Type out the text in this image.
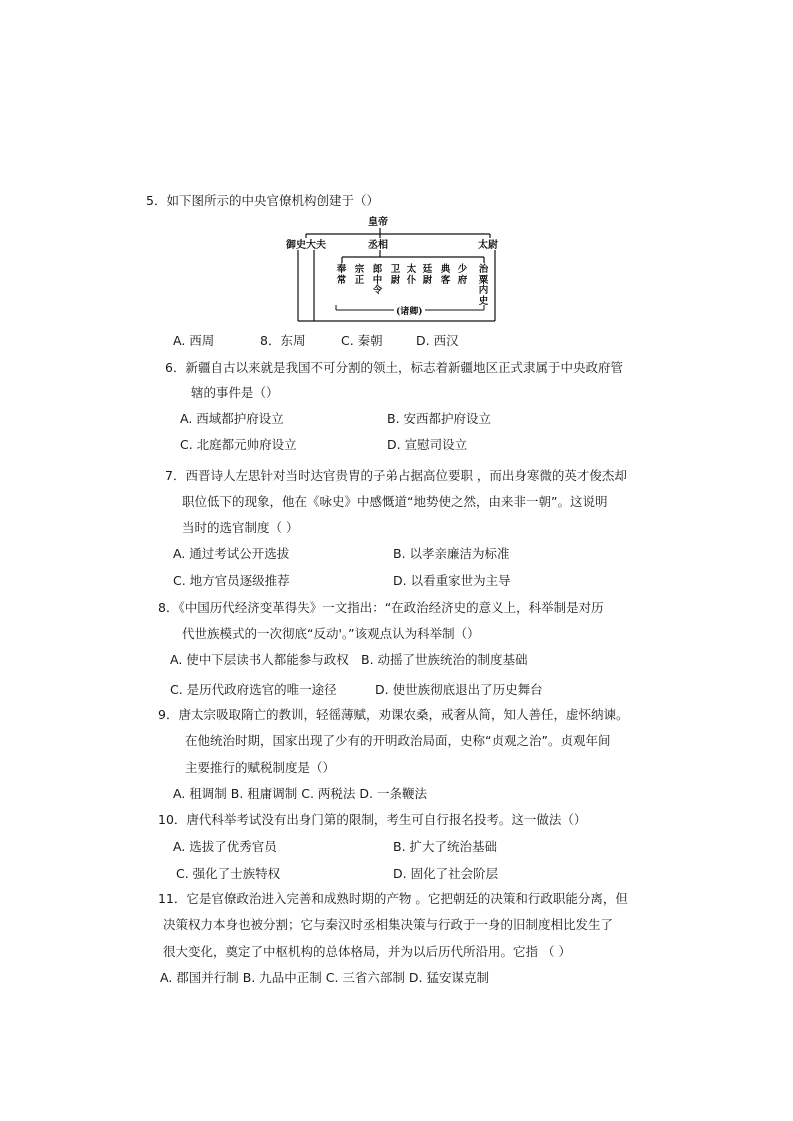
5．如下图所示的中央官僚机构创建于（）
皇帝
御史大夫	丞相	太尉
奉常
宗正
郎中令
卫尉
太仆
廷尉
典客
少府
治粟内史
(诸卿)
A. 西周	8．东周	C. 秦朝	D. 西汉
6．新疆自古以来就是我国不可分割的领土，标志着新疆地区正式隶属于中央政府管
辖的事件是（）
A. 西域都护府设立	B. 安西都护府设立
C. 北庭都元帅府设立	D. 宣慰司设立
7．西晋诗人左思针对当时达官贵胄的子弟占据高位要职 ，而出身寒微的英才俊杰却
职位低下的现象，他在《咏史》中感慨道“地势使之然，由来非一朝”。这说明
当时的选官制度（ ）
A. 通过考试公开选拔	B. 以孝亲廉洁为标准
C. 地方官员逐级推荐	D. 以看重家世为主导
8．《中国历代经济变革得失》一文指出：“在政治经济史的意义上，科举制是对历
代世族模式的一次彻底“反动'。”该观点认为科举制（）
A. 使中下层读书人都能参与政权 B. 动摇了世族统治的制度基础
C. 是历代政府选官的唯一途径	D. 使世族彻底退出了历史舞台
9．唐太宗吸取隋亡的教训，轻徭薄赋，劝课农桑，戒奢从简，知人善任，虚怀纳谏。
在他统治时期，国家出现了少有的开明政治局面，史称“贞观之治”。贞观年间
主要推行的赋税制度是（）
A. 租调制 B. 租庸调制 C. 两税法 D. 一条鞭法
10．唐代科举考试没有出身门第的限制，考生可自行报名投考。这一做法（）
A. 选拔了优秀官员	B. 扩大了统治基础
C. 强化了士族特权	D. 固化了社会阶层
11．它是官僚政治进入完善和成熟时期的产物 。它把朝廷的决策和行政职能分离，但
决策权力本身也被分割；它与秦汉时丞相集决策与行政于一身的旧制度相比发生了
很大变化，奠定了中枢机构的总体格局，并为以后历代所沿用。它指 （ ）
A. 郡国并行制 B. 九品中正制 C. 三省六部制 D. 猛安谋克制
